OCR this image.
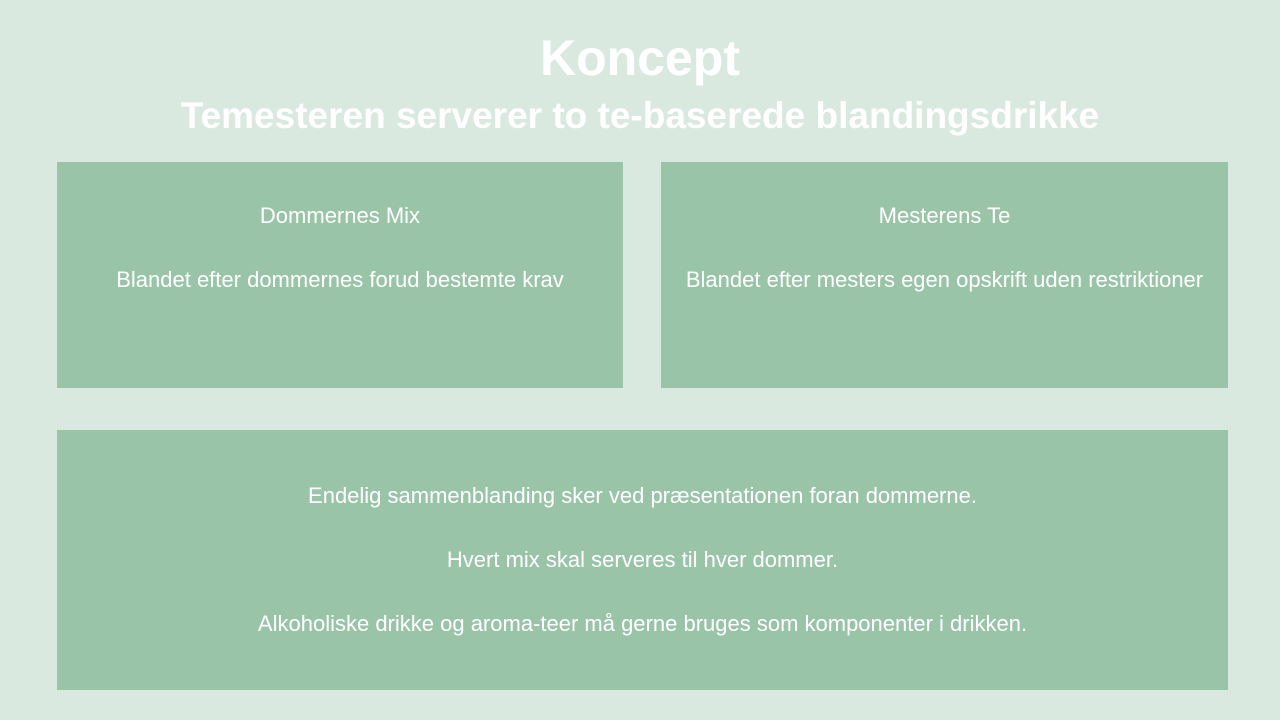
Koncept
Temesteren serverer to te-baserede blandingsdrikke

Dommernes Mix

Blandet efter dommernes forud bestemte krav

Mesterens Te

Blandet efter mesters egen opskrift uden restriktioner

Endelig sammenblanding sker ved præsentationen foran dommerne.

Hvert mix skal serveres til hver dommer.

Alkoholiske drikke og aroma-teer må gerne bruges som komponenter i drikken.
